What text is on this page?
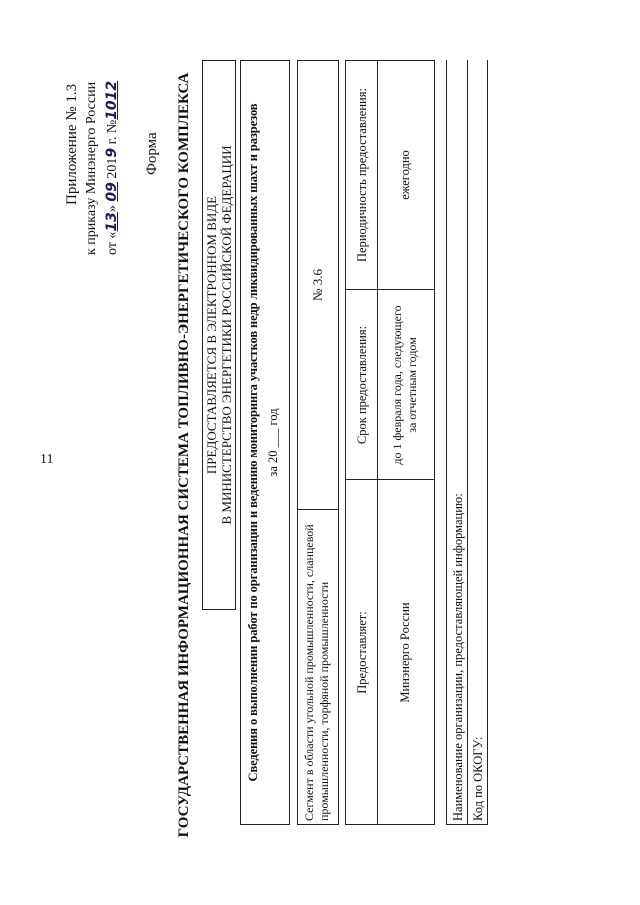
11
Приложение № 1.3 к приказу Минэнерго России от «13» 09 2019 г. №1012
Форма ГОСУДАРСТВЕННАЯ ИНФОРМАЦИОННАЯ СИСТЕМА ТОПЛИВНО-ЭНЕРГЕТИЧЕСКОГО КОМПЛЕКСА ПРЕДОСТАВЛЯЕТСЯ В ЭЛЕКТРОННОМ ВИДЕ В МИНИСТЕРСТВО ЭНЕРГЕТИКИ РОССИЙСКОЙ ФЕДЕРАЦИИ Сведения о выполнении работ по организации и ведению мониторинга участков недр ликвидированных шахт и разрезов за 20 ___ год
Сегмент в области угольной промышленности, сланцевой промышленности, торфяной промышленности
№ 3.6
Предоставляет:
Срок предоставления:
Периодичность предоставления:
Минэнерго России
до 1 февраля года, следующего за отчетным годом
ежегодно
Наименование организации, предоставляющей информацию: Код по ОКОГУ:
